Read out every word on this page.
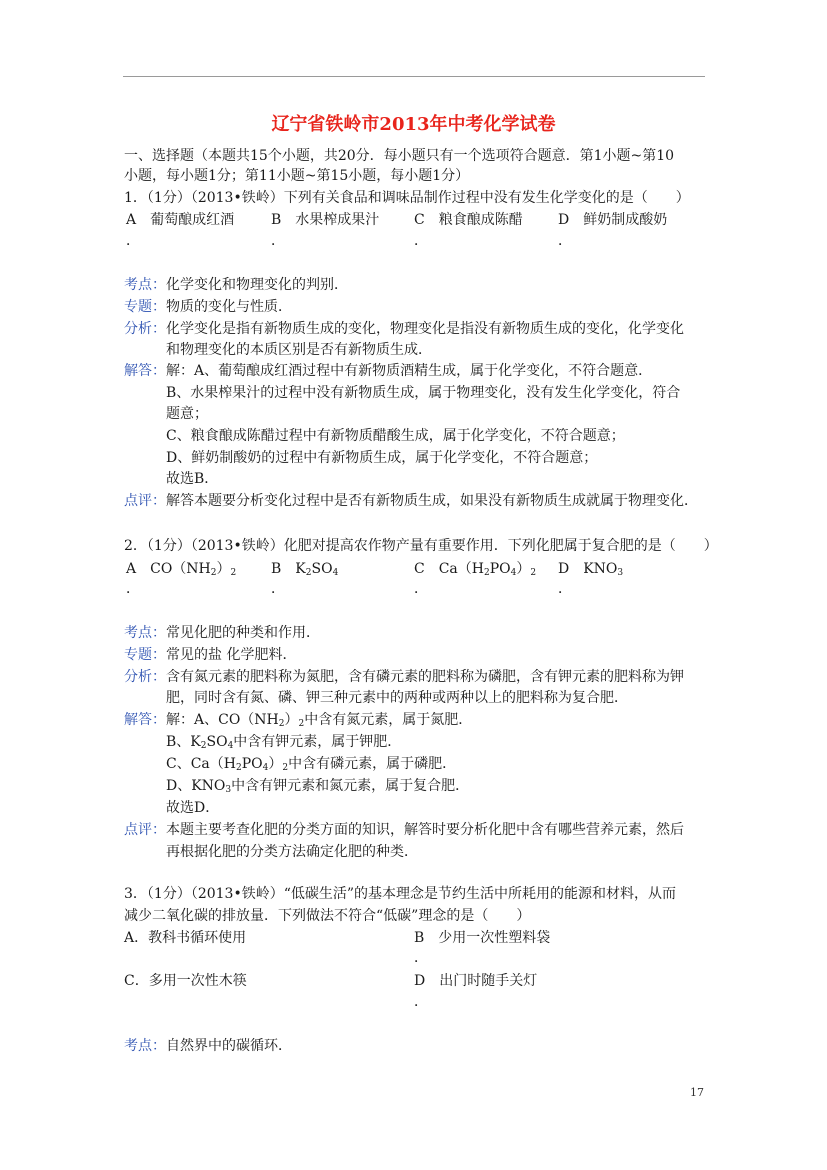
辽宁省铁岭市2013年中考化学试卷
一、选择题（本题共15个小题，共20分．每小题只有一个选项符合题意．第1小题~第10
小题，每小题1分；第11小题~第15小题，每小题1分）
1．（1分）（2013•铁岭）下列有关食品和调味品制作过程中没有发生化学变化的是（　　）
A　葡萄酿成红酒	B　水果榨成果汁 C　粮食酿成陈醋	D　鲜奶制成酸奶
．	．	．	．
考点： 化学变化和物理变化的判别．
专题： 物质的变化与性质．
分析： 化学变化是指有新物质生成的变化，物理变化是指没有新物质生成的变化，化学变化
和物理变化的本质区别是否有新物质生成．
解答： 解：A、葡萄酿成红酒过程中有新物质酒精生成，属于化学变化，不符合题意．
B、水果榨果汁的过程中没有新物质生成，属于物理变化，没有发生化学变化，符合
题意；
C、粮食酿成陈醋过程中有新物质醋酸生成，属于化学变化，不符合题意；
D、鲜奶制酸奶的过程中有新物质生成，属于化学变化，不符合题意；
故选B．
点评： 解答本题要分析变化过程中是否有新物质生成，如果没有新物质生成就属于物理变化．
2．（1分）（2013•铁岭）化肥对提高农作物产量有重要作用．下列化肥属于复合肥的是（　　）
A　$CO(NH_2)_2$ B　$K_2SO_4$	C　$Ca(H_2PO_4)_2$ D　$KNO_3$
．	．	．	．
考点： 常见化肥的种类和作用．
专题： 常见的盐 化学肥料．
分析： 含有氮元素的肥料称为氮肥，含有磷元素的肥料称为磷肥，含有钾元素的肥料称为钾
肥，同时含有氮、磷、钾三种元素中的两种或两种以上的肥料称为复合肥．
解答： 解：A、$CO(NH_2)_2$中含有氮元素，属于氮肥．
B、$K_2SO_4$中含有钾元素，属于钾肥．
C、$Ca(H_2PO_4)_2$中含有磷元素，属于磷肥．
D、$KNO_3$中含有钾元素和氮元素，属于复合肥．
故选D．
点评： 本题主要考查化肥的分类方面的知识，解答时要分析化肥中含有哪些营养元素，然后
再根据化肥的分类方法确定化肥的种类．
3．（1分）（2013•铁岭）“低碳生活”的基本理念是节约生活中所耗用的能源和材料，从而
减少二氧化碳的排放量．下列做法不符合“低碳”理念的是（　　）
A．教科书循环使用	B　少用一次性塑料袋
．
C．多用一次性木筷	D　出门时随手关灯
．
考点： 自然界中的碳循环．
17
